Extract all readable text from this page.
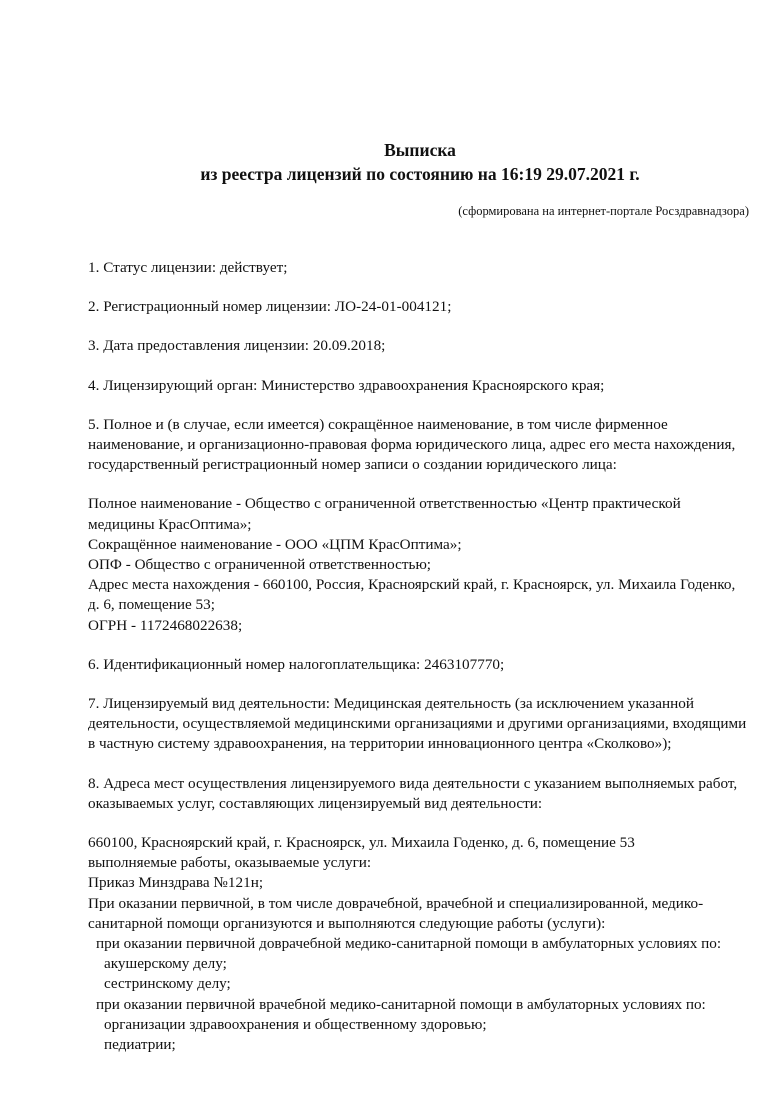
Выписка
из реестра лицензий по состоянию на 16:19 29.07.2021 г.
(сформирована на интернет-портале Росздравнадзора)

1. Статус лицензии: действует;

2. Регистрационный номер лицензии: ЛО-24-01-004121;

3. Дата предоставления лицензии: 20.09.2018;

4. Лицензирующий орган: Министерство здравоохранения Красноярского края;

5. Полное и (в случае, если имеется) сокращённое наименование, в том числе фирменное наименование, и организационно-правовая форма юридического лица, адрес его места нахождения, государственный регистрационный номер записи о создании юридического лица:

Полное наименование - Общество с ограниченной ответственностью «Центр практической медицины КрасОптима»;

Сокращённое наименование - ООО «ЦПМ КрасОптима»;

ОПФ - Общество с ограниченной ответственностью;

Адрес места нахождения - 660100, Россия, Красноярский край, г. Красноярск, ул. Михаила Годенко, д. 6, помещение 53;

ОГРН - 1172468022638;

6. Идентификационный номер налогоплательщика: 2463107770;

7. Лицензируемый вид деятельности: Медицинская деятельность (за исключением указанной деятельности, осуществляемой медицинскими организациями и другими организациями, входящими в частную систему здравоохранения, на территории инновационного центра «Сколково»);

8. Адреса мест осуществления лицензируемого вида деятельности с указанием выполняемых работ, оказываемых услуг, составляющих лицензируемый вид деятельности:

660100, Красноярский край, г. Красноярск, ул. Михаила Годенко, д. 6, помещение 53

выполняемые работы, оказываемые услуги:

Приказ Минздрава №121н;

При оказании первичной, в том числе доврачебной, врачебной и специализированной, медико-санитарной помощи организуются и выполняются следующие работы (услуги):

при оказании первичной доврачебной медико-санитарной помощи в амбулаторных условиях по:

акушерскому делу;

сестринскому делу;

при оказании первичной врачебной медико-санитарной помощи в амбулаторных условиях по:

организации здравоохранения и общественному здоровью;

педиатрии;
